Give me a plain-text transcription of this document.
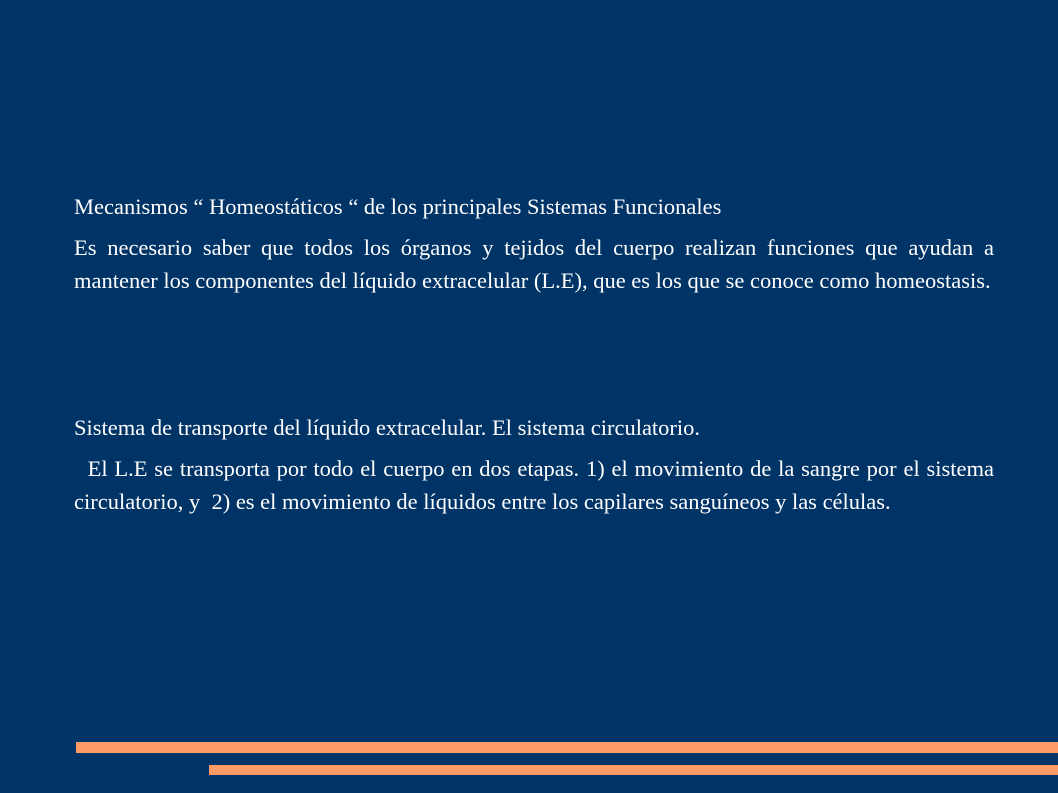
Mecanismos “ Homeostáticos “ de los principales Sistemas Funcionales

Es necesario saber que todos los órganos y tejidos del cuerpo realizan funciones que ayudan a mantener los componentes del líquido extracelular (L.E), que es los que se conoce como homeostasis.

Sistema de transporte del líquido extracelular. El sistema circulatorio.

El L.E se transporta por todo el cuerpo en dos etapas. 1) el movimiento de la sangre por el sistema circulatorio, y  2) es el movimiento de líquidos entre los capilares sanguíneos y las células.
